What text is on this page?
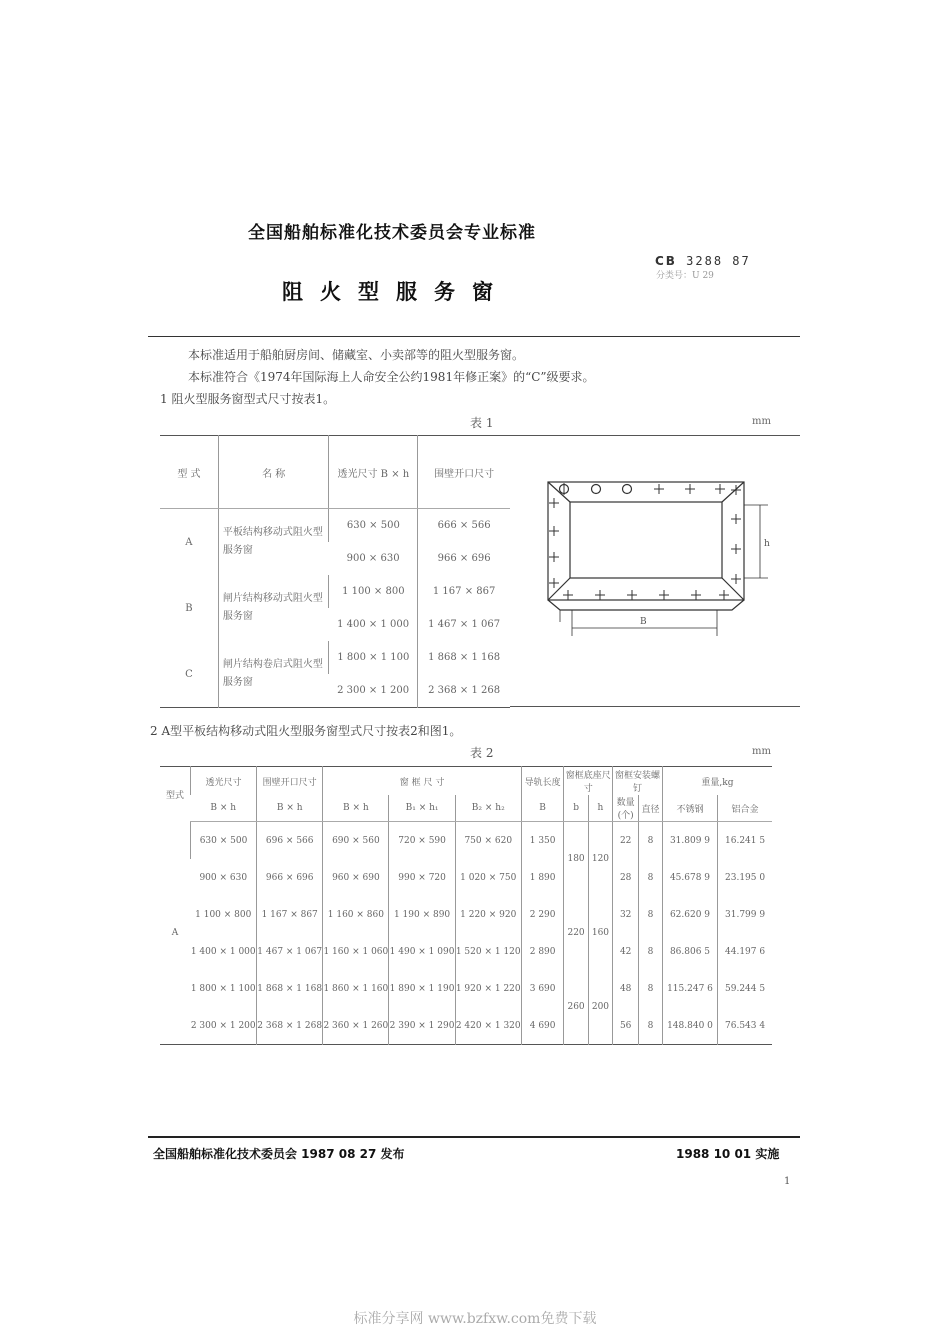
全国船舶标准化技术委员会专业标准
CB 3288 87
分类号：U 29
阻火型服务窗
本标准适用于船舶厨房间、储藏室、小卖部等的阻火型服务窗。
本标准符合《1974年国际海上人命安全公约1981年修正案》的“C”级要求。
1 阻火型服务窗型式尺寸按表1。
表 1	mm
型 式	名 称	透光尺寸 B × h	围壁开口尺寸
A	平板结构移动式阻火型服务窗	630 × 500	666 × 566
		900 × 630	966 × 696
B	闸片结构移动式阻火型服务窗	1 100 × 800	1 167 × 867
		1 400 × 1 000	1 467 × 1 067
C	闸片结构卷启式阻火型服务窗	1 800 × 1 100	1 868 × 1 168
		2 300 × 1 200	2 368 × 1 268
B
h
2 A型平板结构移动式阻火型服务窗型式尺寸按表2和图1。
表 2	mm
型式	透光尺寸	围壁开口尺寸	窗 框 尺 寸			导轨长度	窗框底座尺寸		窗框安装螺钉		重量,kg	
	B × h	B × h	B × h	B₁ × h₁	B₂ × h₂	B	b	h	数量(个)	直径	不锈钢	铝合金
A	630 × 500	696 × 566	690 × 560	720 × 590	750 × 620	1 350	180	120	22	8	31.809 9	16.241 5
	900 × 630	966 × 696	960 × 690	990 × 720	1 020 × 750	1 890			28	8	45.678 9	23.195 0
	1 100 × 800	1 167 × 867	1 160 × 860	1 190 × 890	1 220 × 920	2 290	220	160	32	8	62.620 9	31.799 9
	1 400 × 1 000	1 467 × 1 067	1 160 × 1 060	1 490 × 1 090	1 520 × 1 120	2 890			42	8	86.806 5	44.197 6
	1 800 × 1 100	1 868 × 1 168	1 860 × 1 160	1 890 × 1 190	1 920 × 1 220	3 690	260	200	48	8	115.247 6	59.244 5
	2 300 × 1 200	2 368 × 1 268	2 360 × 1 260	2 390 × 1 290	2 420 × 1 320	4 690			56	8	148.840 0	76.543 4
全国船舶标准化技术委员会 1987 08 27 发布	1988 10 01 实施
1
标准分享网 www.bzfxw.com免费下载
